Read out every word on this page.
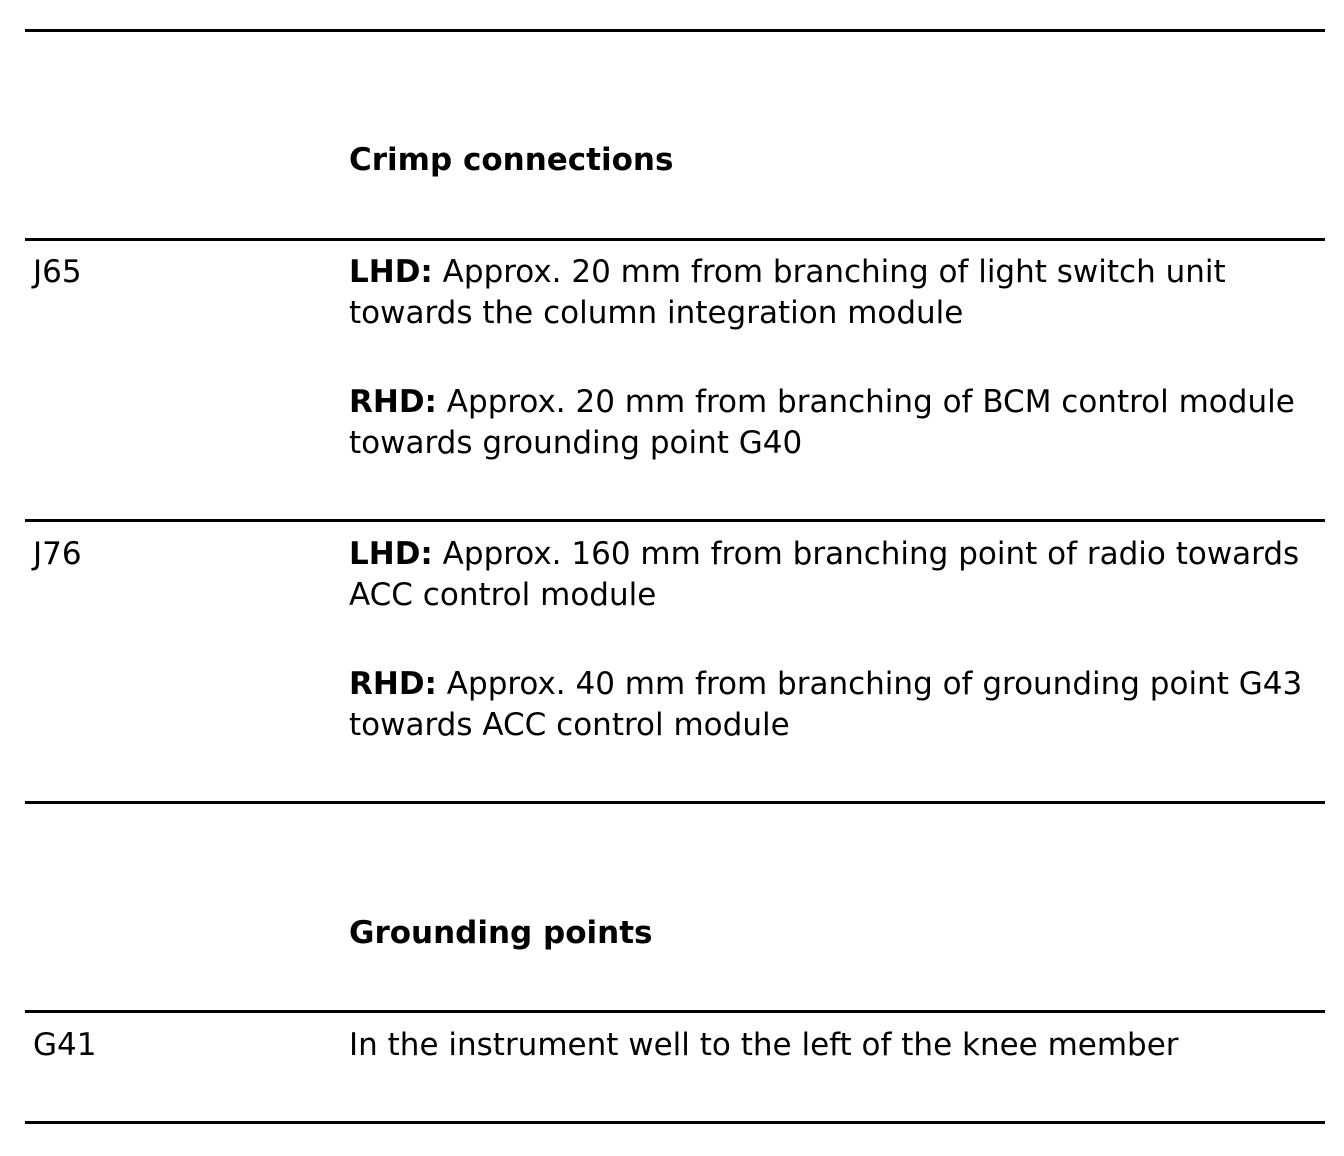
Crimp connections

J65	LHD: Approx. 20 mm from branching of light switch unit towards the column integration module

RHD: Approx. 20 mm from branching of BCM control module towards grounding point G40

J76	LHD: Approx. 160 mm from branching point of radio towards ACC control module

RHD: Approx. 40 mm from branching of grounding point G43 towards ACC control module

Grounding points

G41	In the instrument well to the left of the knee member
